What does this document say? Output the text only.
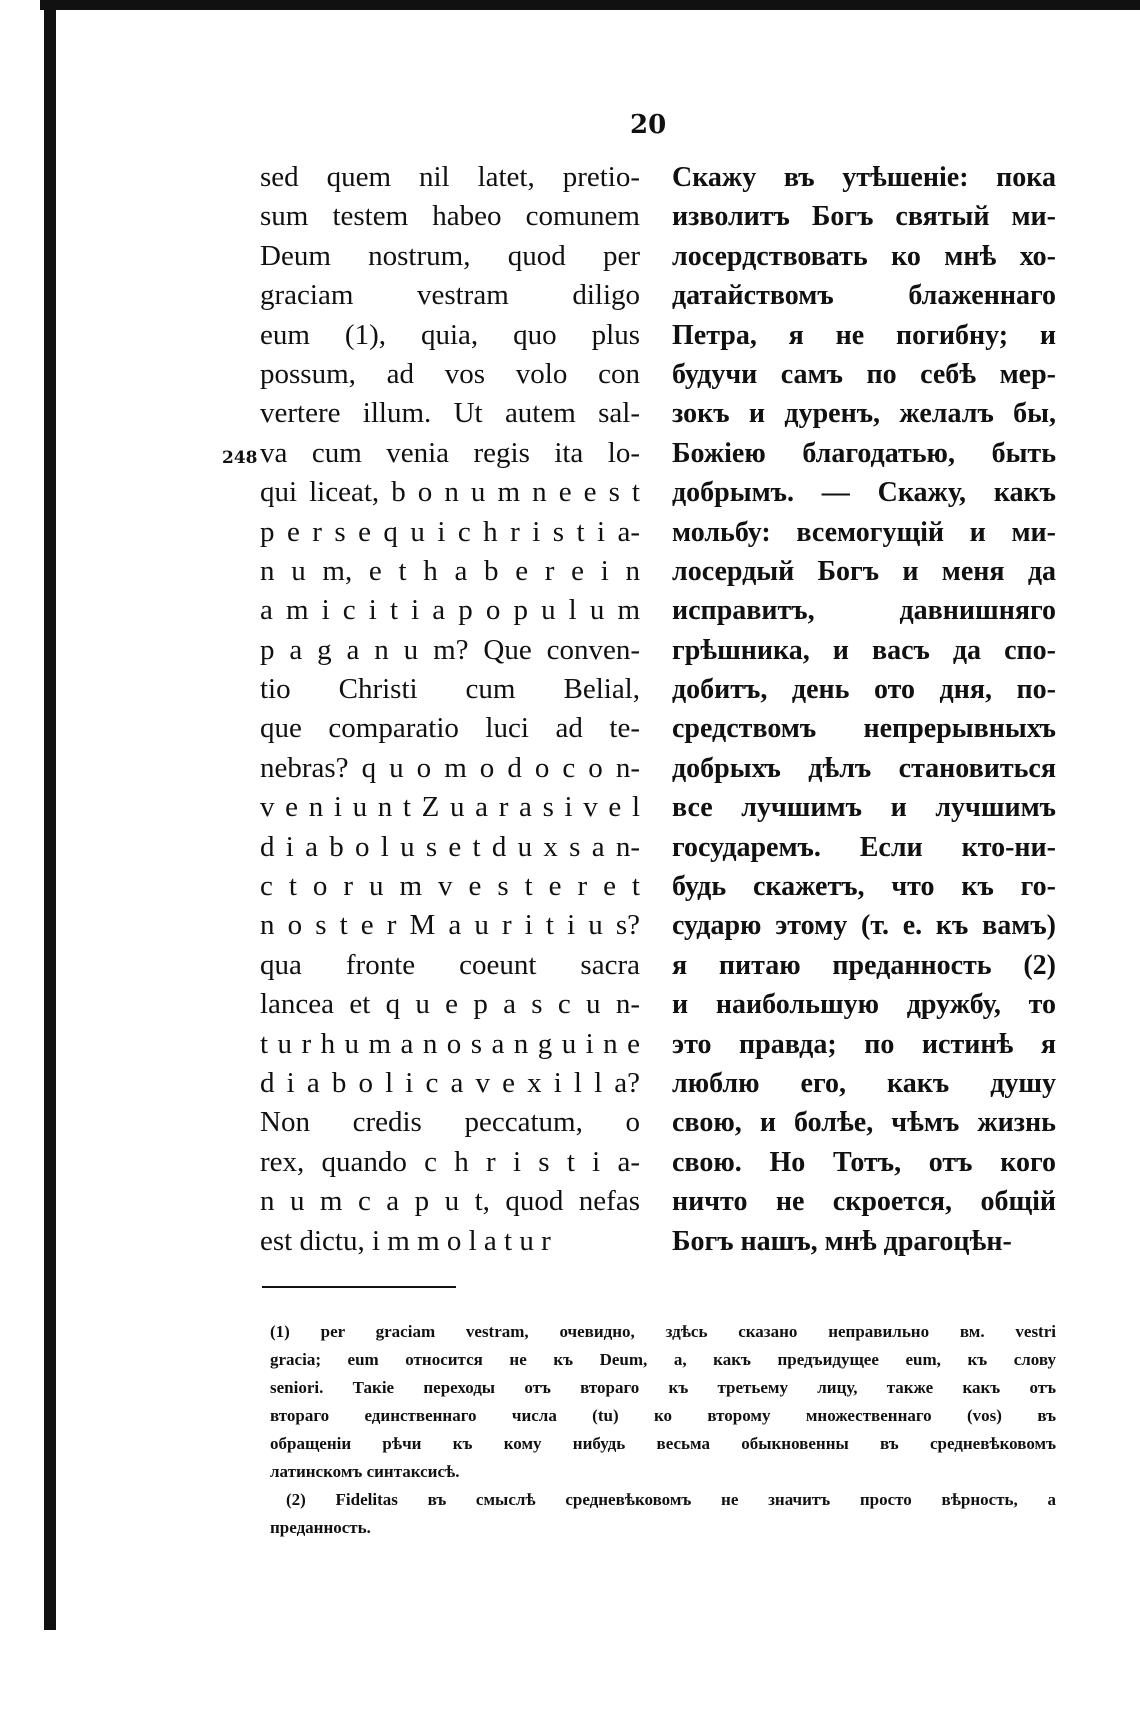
20
248
sed quem nil latet, pretio-
sum testem habeo comunem
Deum nostrum, quod per
graciam vestram diligo
eum (1), quia, quo plus
possum, ad vos volo con
vertere illum. Ut autem sal-
va cum venia regis ita lo-
qui liceat, b o n u m n e e s t
p e r s e q u i c h r i s t i a-
n u m, e t h a b e r e i n
a m i c i t i a p o p u l u m
p a g a n u m? Que conven-
tio Christi cum Belial,
que comparatio luci ad te-
nebras? q u o m o d o c o n-
v e n i u n t Z u a r a s i v e l
d i a b o l u s e t d u x s a n-
c t o r u m v e s t e r e t
n o s t e r M a u r i t i u s?
qua fronte coeunt sacra
lancea et q u e p a s c u n-
t u r h u m a n o s a n g u i n e
d i a b o l i c a v e x i l l a?
Non credis peccatum, o
rex, quando c h r i s t i a-
n u m c a p u t, quod nefas
est dictu, i m m o l a t u r
Скажу въ утѣшеніе: пока
изволитъ Богъ святый ми-
лосердствовать ко мнѣ хо-
датайствомъ блаженнаго
Петра, я не погибну; и
будучи самъ по себѣ мер-
зокъ и дуренъ, желалъ бы,
Божіею благодатью, быть
добрымъ. — Скажу, какъ
мольбу: всемогущій и ми-
лосердый Богъ и меня да
исправитъ, давнишняго
грѣшника, и васъ да спо-
добитъ, день ото дня, по-
средствомъ непрерывныхъ
добрыхъ дѣлъ становиться
все лучшимъ и лучшимъ
государемъ. Если кто-ни-
будь скажетъ, что къ го-
сударю этому (т. е. къ вамъ)
я питаю преданность (2)
и наибольшую дружбу, то
это правда; по истинѣ я
люблю его, какъ душу
свою, и болѣе, чѣмъ жизнь
свою. Но Тотъ, отъ кого
ничто не скроется, общій
Богъ нашъ, мнѣ драгоцѣн-
(1) per graciam vestram, очевидно, здѣсь сказано неправильно вм. vestri
gracia; eum относится не къ Deum, а, какъ предъидущее eum, къ слову
seniori. Такіе переходы отъ втораго къ третьему лицу, также какъ отъ
втораго единственнаго числа (tu) ко второму множественнаго (vos) въ
обращеніи рѣчи къ кому нибудь весьма обыкновенны въ средневѣковомъ
латинскомъ синтаксисѣ.
(2) Fidelitas въ смыслѣ средневѣковомъ не значитъ просто вѣрность, а
преданность.
